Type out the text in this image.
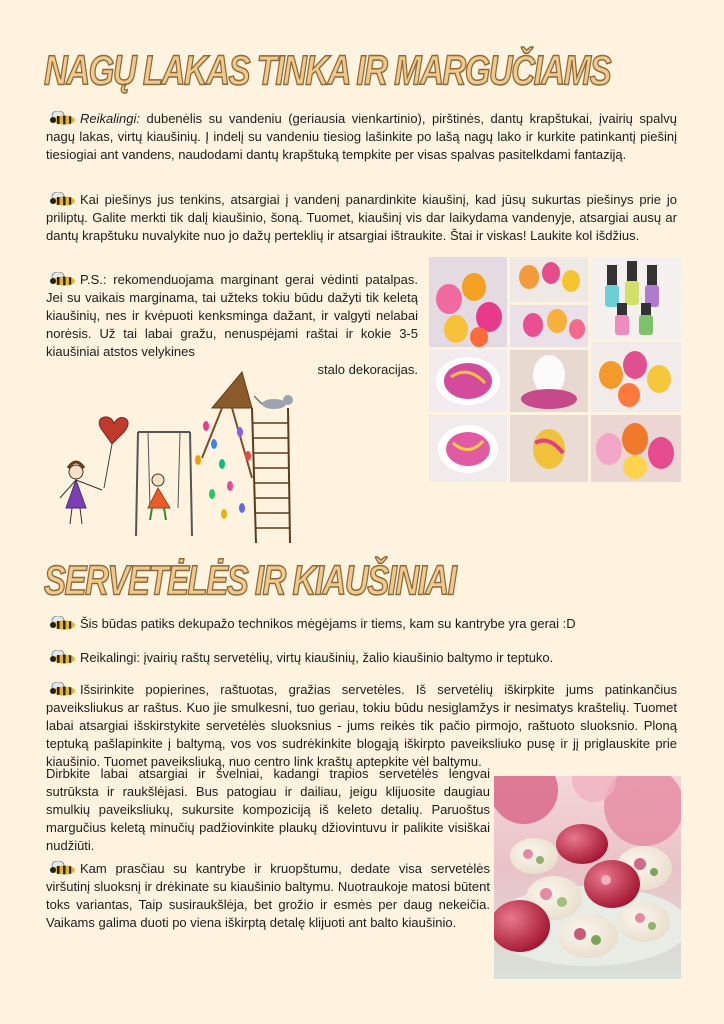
NAGŲ LAKAS TINKA IR MARGUČIAMS

Reikalingi: dubenėlis su vandeniu (geriausia vienkartinio), pirštinės, dantų krapštukai, įvairių spalvų nagų lakas, virtų kiaušinių. Į indelį su vandeniu tiesiog lašinkite po lašą nagų lako ir kurkite patinkantį piešinį tiesiogiai ant vandens, naudodami dantų krapštuką tempkite per visas spalvas pasitelkdami fantaziją.

Kai piešinys jus tenkins, atsargiai į vandenį panardinkite kiaušinį, kad jūsų sukurtas piešinys prie jo priliptų. Galite merkti tik dalį kiaušinio, šoną. Tuomet, kiaušinį vis dar laikydama vandenyje, atsargiai ausų ar dantų krapštuku nuvalykite nuo jo dažų perteklių ir atsargiai ištraukite. Štai ir viskas! Laukite kol išdžius.

P.S.: rekomenduojama marginant gerai vėdinti patalpas. Jei su vaikais marginama, tai užteks tokiu būdu dažyti tik keletą kiaušinių, nes ir kvėpuoti kenksminga dažant, ir valgyti nelabai norėsis. Už tai labai gražu, nenuspėjami raštai ir kokie 3-5 kiaušiniai atstos velykines
stalo dekoracijas.

SERVETĖLĖS IR KIAUŠINIAI

Šis būdas patiks dekupažo technikos mėgėjams ir tiems, kam su kantrybe yra gerai :D

Reikalingi: įvairių raštų servetėlių, virtų kiaušinių, žalio kiaušinio baltymo ir teptuko.

Išsirinkite popierines, raštuotas, gražias servetėles. Iš servetėlių iškirpkite jums patinkančius paveiksliukus ar raštus. Kuo jie smulkesni, tuo geriau, tokiu būdu nesiglamžys ir nesimatys kraštelių. Tuomet labai atsargiai išskirstykite servetėlės sluoksnius - jums reikės tik pačio pirmojo, raštuoto sluoksnio. Ploną teptuką pašlapinkite į baltymą, vos vos sudrėkinkite blogąją iškirpto paveiksliuko pusę ir jį priglauskite prie kiaušinio. Tuomet paveiksliuką, nuo centro link kraštų aptepkite vėl baltymu.

Dirbkite labai atsargiai ir švelniai, kadangi trapios servetėlės lengvai sutrūksta ir raukšlėjasi. Bus patogiau ir dailiau, jeigu klijuosite daugiau smulkių paveiksliukų, sukursite kompoziciją iš keleto detalių. Paruoštus margučius keletą minučių padžiovinkite plaukų džiovintuvu ir palikite visiškai nudžiūti.

Kam prasčiau su kantrybe ir kruopštumu, dedate visa servetėlės viršutinį sluoksnį ir drėkinate su kiaušinio baltymu. Nuotraukoje matosi būtent toks variantas, Taip susiraukšlėja, bet grožio ir esmės per daug nekeičia. Vaikams galima duoti po viena iškirptą detalę klijuoti ant balto kiaušinio.
